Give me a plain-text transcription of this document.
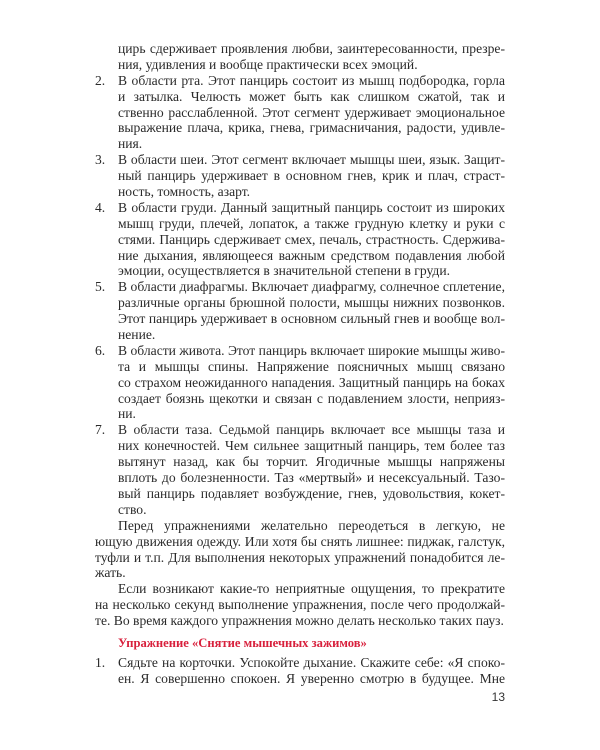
цирь сдерживает проявления любви, заинтересованности, презре-
ния, удивления и вообще практически всех эмоций.
2. В области рта. Этот панцирь состоит из мышц подбородка, горла
и затылка. Челюсть может быть как слишком сжатой, так и
ственно расслабленной. Этот сегмент удерживает эмоциональное
выражение плача, крика, гнева, гримасничания, радости, удивле-
ния.
3. В области шеи. Этот сегмент включает мышцы шеи, язык. Защит-
ный панцирь удерживает в основном гнев, крик и плач, страст-
ность, томность, азарт.
4. В области груди. Данный защитный панцирь состоит из широких
мышц груди, плечей, лопаток, а также грудную клетку и руки с
стями. Панцирь сдерживает смех, печаль, страстность. Сдержива-
ние дыхания, являющееся важным средством подавления любой
эмоции, осуществляется в значительной степени в груди.
5. В области диафрагмы. Включает диафрагму, солнечное сплетение,
различные органы брюшной полости, мышцы нижних позвонков.
Этот панцирь удерживает в основном сильный гнев и вообще вол-
нение.
6. В области живота. Этот панцирь включает широкие мышцы живо-
та и мышцы спины. Напряжение поясничных мышц связано
со страхом неожиданного нападения. Защитный панцирь на боках
создает боязнь щекотки и связан с подавлением злости, неприяз-
ни.
7. В области таза. Седьмой панцирь включает все мышцы таза и
них конечностей. Чем сильнее защитный панцирь, тем более таз
вытянут назад, как бы торчит. Ягодичные мышцы напряжены
вплоть до болезненности. Таз «мертвый» и несексуальный. Тазо-
вый панцирь подавляет возбуждение, гнев, удовольствия, кокет-
ство.
Перед упражнениями желательно переодеться в легкую, не
ющую движения одежду. Или хотя бы снять лишнее: пиджак, галстук,
туфли и т.п. Для выполнения некоторых упражнений понадобится ле-
жать.
Если возникают какие-то неприятные ощущения, то прекратите
на несколько секунд выполнение упражнения, после чего продолжай-
те. Во время каждого упражнения можно делать несколько таких пауз.
Упражнение «Снятие мышечных зажимов»
1. Сядьте на корточки. Успокойте дыхание. Скажите себе: «Я споко-
ен. Я совершенно спокоен. Я уверенно смотрю в будущее. Мне
13
